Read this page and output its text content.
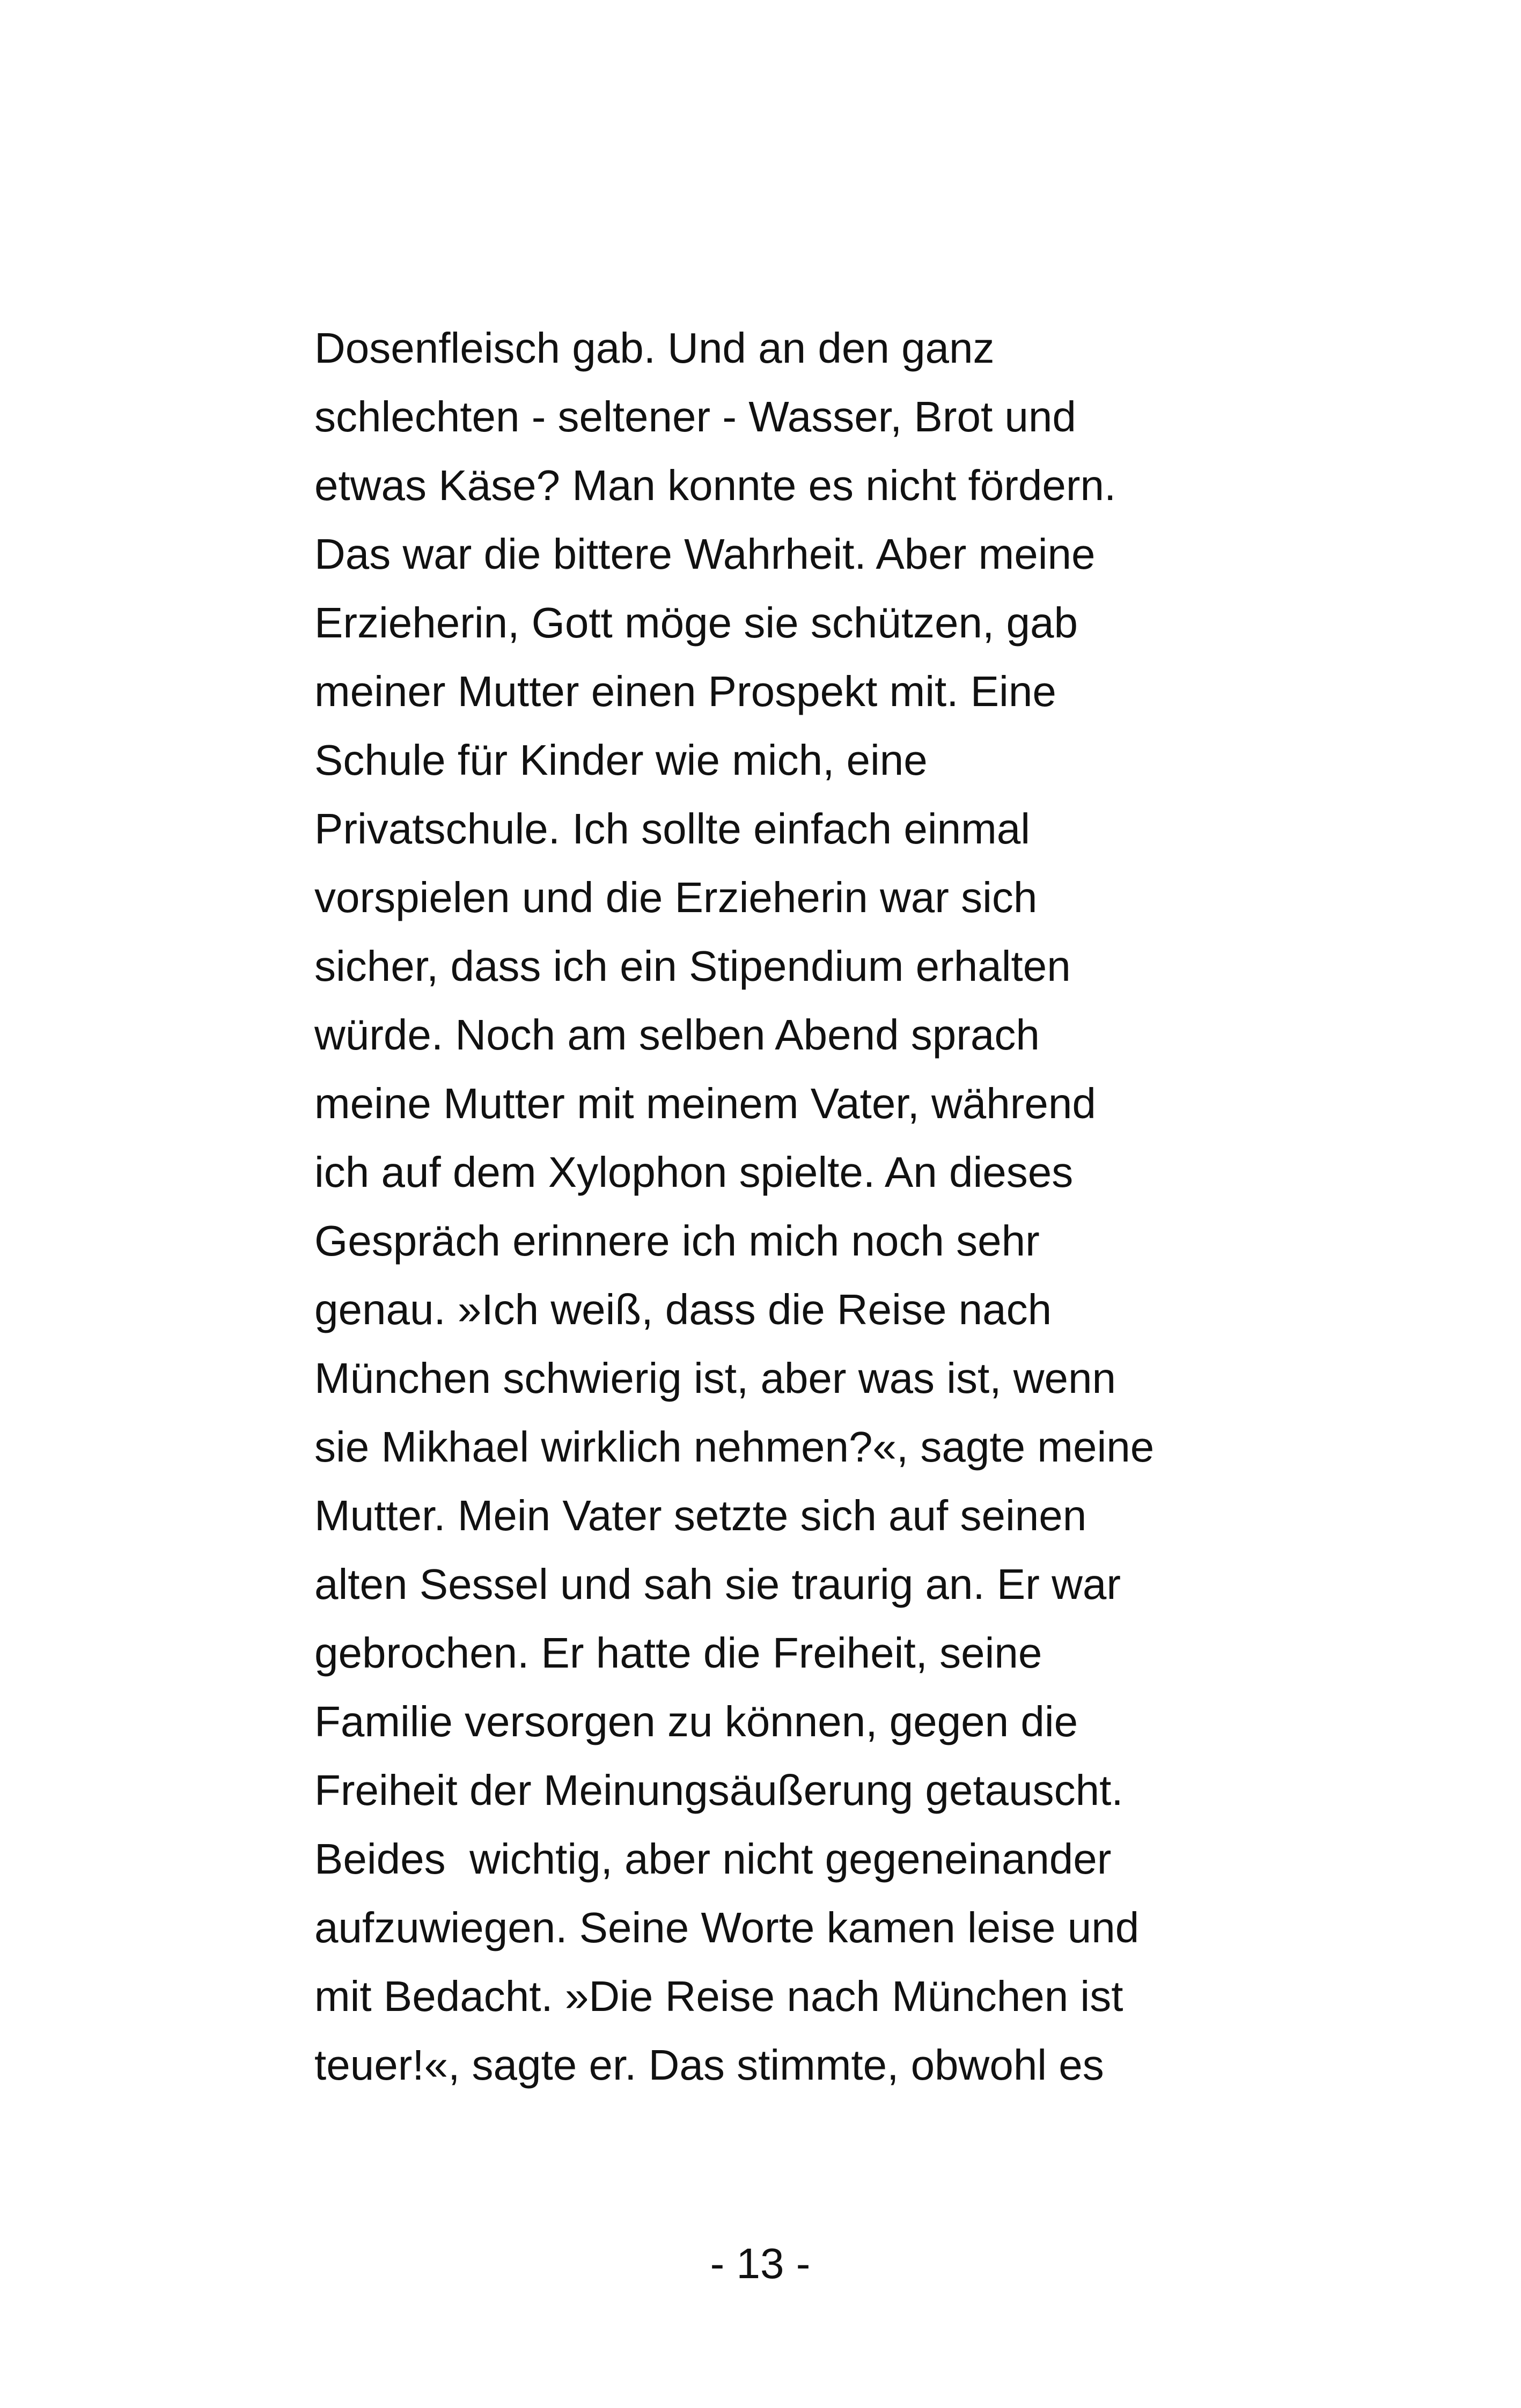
Dosenfleisch gab. Und an den ganz
schlechten - seltener - Wasser, Brot und
etwas Käse? Man konnte es nicht fördern.
Das war die bittere Wahrheit. Aber meine
Erzieherin, Gott möge sie schützen, gab
meiner Mutter einen Prospekt mit. Eine
Schule für Kinder wie mich, eine
Privatschule. Ich sollte einfach einmal
vorspielen und die Erzieherin war sich
sicher, dass ich ein Stipendium erhalten
würde. Noch am selben Abend sprach
meine Mutter mit meinem Vater, während
ich auf dem Xylophon spielte. An dieses
Gespräch erinnere ich mich noch sehr
genau. »Ich weiß, dass die Reise nach
München schwierig ist, aber was ist, wenn
sie Mikhael wirklich nehmen?«, sagte meine
Mutter. Mein Vater setzte sich auf seinen
alten Sessel und sah sie traurig an. Er war
gebrochen. Er hatte die Freiheit, seine
Familie versorgen zu können, gegen die
Freiheit der Meinungsäußerung getauscht.
Beides  wichtig, aber nicht gegeneinander
aufzuwiegen. Seine Worte kamen leise und
mit Bedacht. »Die Reise nach München ist
teuer!«, sagte er. Das stimmte, obwohl es
- 13 -
